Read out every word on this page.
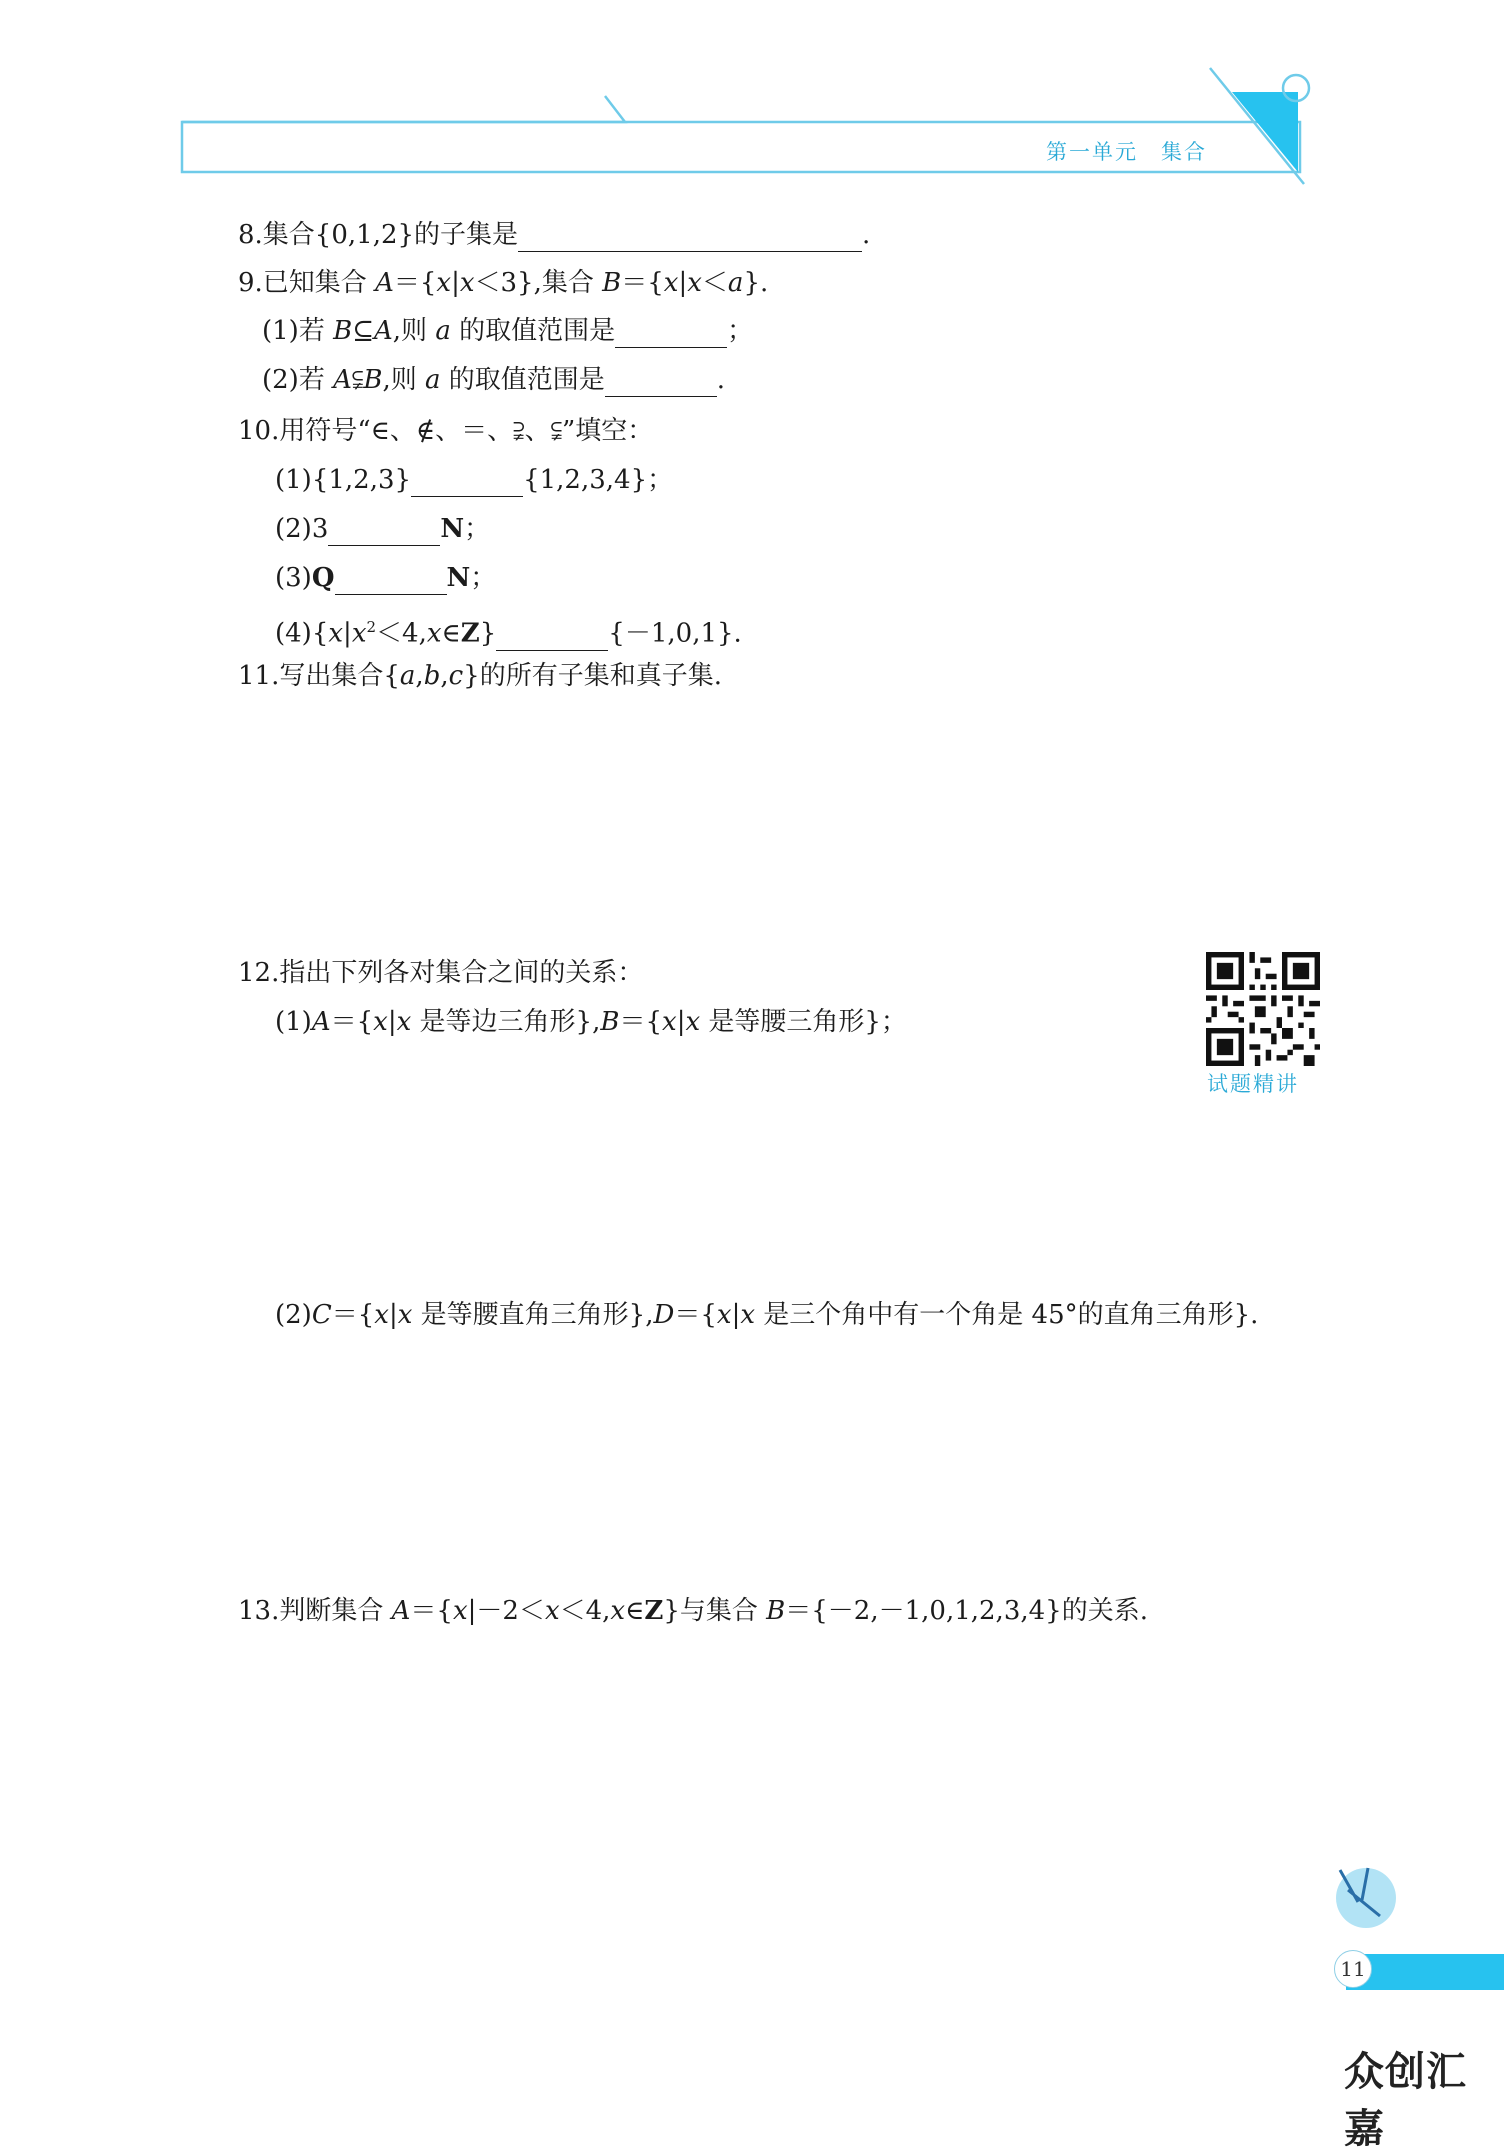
第一单元　集合
8.集合{0,1,2}的子集是	.
9.已知集合 A＝{x|x＜3},集合 B＝{x|x＜a}.
(1)若 B⊆A,则 a 的取值范围是	；
(2)若 A⫋B,则 a 的取值范围是	.
10.用符号“∈、∉、＝、⫌、⫋”填空：
(1){1,2,3}	{1,2,3,4}；
(2)3	N；
(3)Q	N；
$(4)\{x|x^2<4,x\in Z\}$	{－1,0,1}.
11.写出集合{a,b,c}的所有子集和真子集.
12.指出下列各对集合之间的关系：
(1)A＝{x|x 是等边三角形},B＝{x|x 是等腰三角形}；
(2)C＝{x|x 是等腰直角三角形},D＝{x|x 是三个角中有一个角是 45°的直角三角形}.
13.判断集合 A＝{x|－2＜x＜4,x∈Z}与集合 B＝{－2,－1,0,1,2,3,4}的关系.
试题精讲
11
众创汇嘉
